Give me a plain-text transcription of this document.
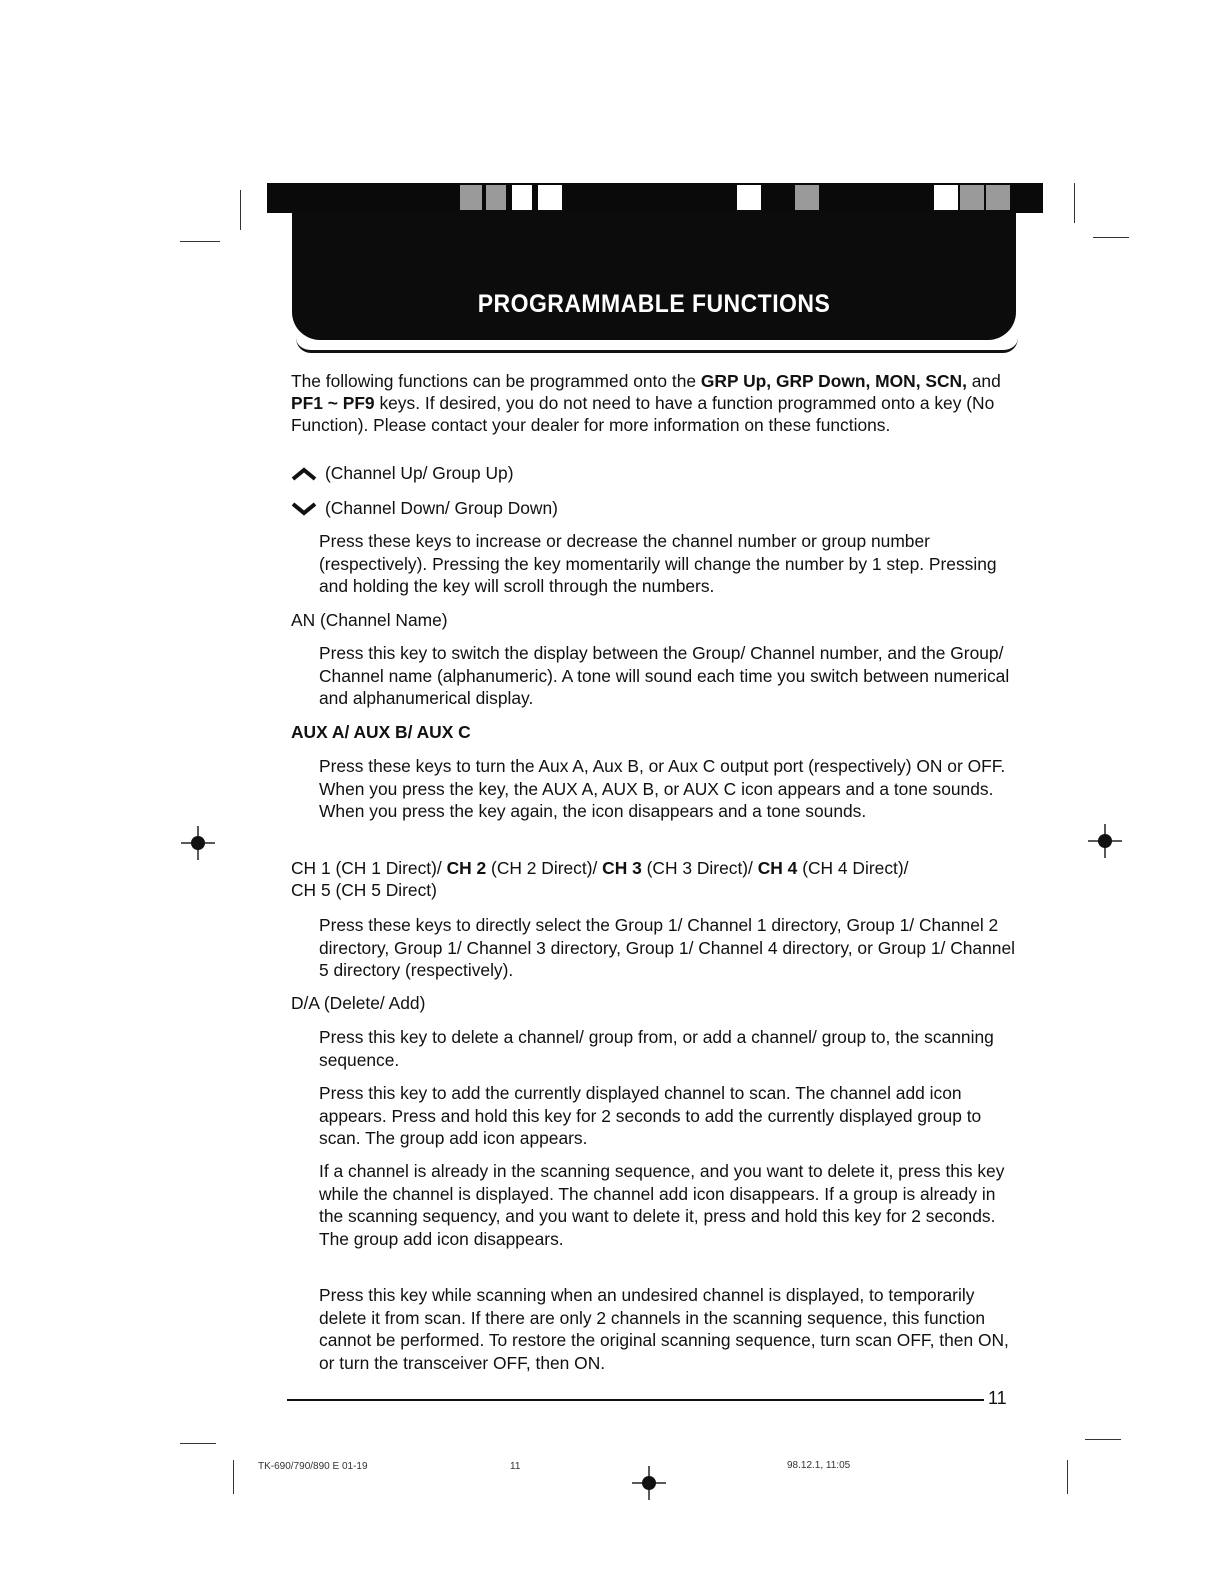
PROGRAMMABLE FUNCTIONS
The following functions can be programmed onto the GRP Up, GRP Down, MON, SCN, and PF1 ~ PF9 keys. If desired, you do not need to have a function programmed onto a key (No Function). Please contact your dealer for more information on these functions.
(Channel Up/ Group Up)
(Channel Down/ Group Down)
Press these keys to increase or decrease the channel number or group number (respectively). Pressing the key momentarily will change the number by 1 step. Pressing and holding the key will scroll through the numbers.
AN (Channel Name)
Press this key to switch the display between the Group/ Channel number, and the Group/ Channel name (alphanumeric). A tone will sound each time you switch between numerical and alphanumerical display.
AUX A/ AUX B/ AUX C
Press these keys to turn the Aux A, Aux B, or Aux C output port (respectively) ON or OFF. When you press the key, the AUX A, AUX B, or AUX C icon appears and a tone sounds. When you press the key again, the icon disappears and a tone sounds.
CH 1 (CH 1 Direct)/ CH 2 (CH 2 Direct)/ CH 3 (CH 3 Direct)/ CH 4 (CH 4 Direct)/
CH 5 (CH 5 Direct)
Press these keys to directly select the Group 1/ Channel 1 directory, Group 1/ Channel 2 directory, Group 1/ Channel 3 directory, Group 1/ Channel 4 directory, or Group 1/ Channel 5 directory (respectively).
D/A (Delete/ Add)
Press this key to delete a channel/ group from, or add a channel/ group to, the scanning sequence.
Press this key to add the currently displayed channel to scan. The channel add icon appears. Press and hold this key for 2 seconds to add the currently displayed group to scan. The group add icon appears.
If a channel is already in the scanning sequence, and you want to delete it, press this key while the channel is displayed. The channel add icon disappears. If a group is already in the scanning sequency, and you want to delete it, press and hold this key for 2 seconds. The group add icon disappears.
Press this key while scanning when an undesired channel is displayed, to temporarily delete it from scan. If there are only 2 channels in the scanning sequence, this function cannot be performed. To restore the original scanning sequence, turn scan OFF, then ON, or turn the transceiver OFF, then ON.
11
TK-690/790/890 E 01-19	11	98.12.1, 11:05
